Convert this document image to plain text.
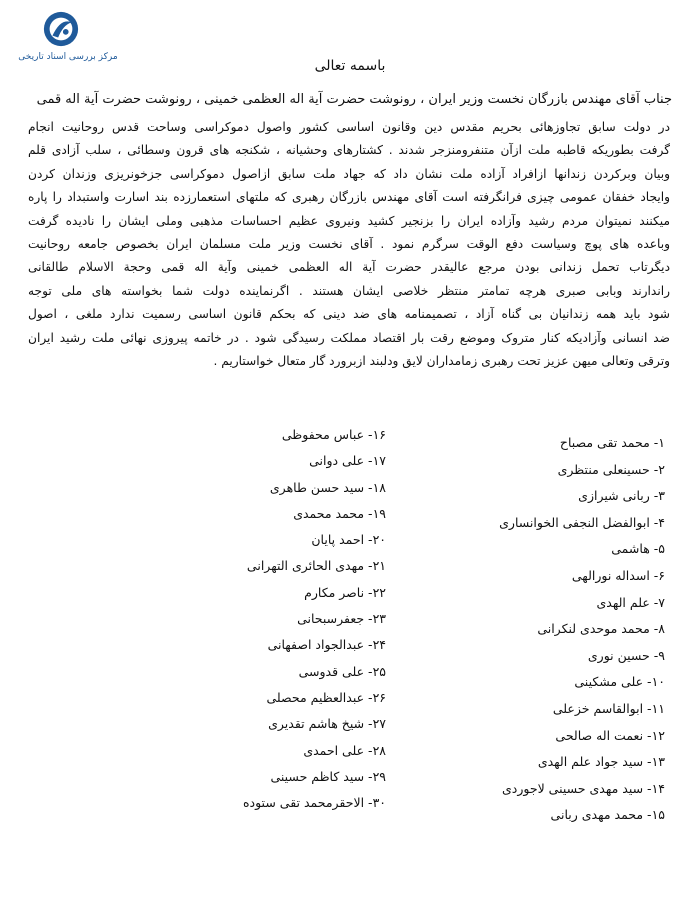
مرکز بررسی اسناد تاریخی
باسمه تعالی
جناب آقای مهندس بازرگان نخست وزیر ایران ، رونوشت حضرت آیة اله العظمی خمینی ، رونوشت حضرت آیة اله قمی
در دولت سابق تجاوزهائی بحریم مقدس دین وقانون اساسی کشور واصول دموکراسی وساحت قدس روحانیت انجام
گرفت بطوریکه قاطبه ملت ازآن متنفرومنزجر شدند . کشتارهای وحشیانه ، شکنجه های قرون وسطائی ، سلب آزادی قلم
وبیان وبرکردن زندانها ازافراد آزاده ملت نشان داد که جهاد ملت سابق ازاصول دموکراسی جزخونریزی وزندان کردن
وایجاد خفقان عمومی چیزی فرانگرفته است آقای مهندس بازرگان رهبری که ملتهای استعمارزده بند اسارت واستبداد را پاره
میکنند نمیتوان مردم رشید وآزاده ایران را بزنجیر کشید ونیروی عظیم احساسات مذهبی وملی ایشان را نادیده گرفت
وباعده های پوچ وسیاست دفع الوقت سرگرم نمود . آقای نخست وزیر ملت مسلمان ایران بخصوص جامعه روحانیت
دیگرتاب تحمل زندانی بودن مرجع عالیقدر حضرت آیة اله العظمی خمینی وآیة اله قمی وحجة الاسلام طالقانی
راندارند وبابی صبری هرچه تمامتر منتظر خلاصی ایشان هستند . اگرنماینده دولت شما بخواسته های ملی توجه
شود باید همه زندانیان بی گناه آزاد ، تصمیمنامه های ضد دینی که بحکم قانون اساسی رسمیت ندارد ملغی ، اصول
ضد انسانی وآزادیکه کنار متروک وموضع رقت بار اقتصاد مملکت رسیدگی شود . در خاتمه پیروزی نهائی ملت رشید ایران
وترقی وتعالی میهن عزیز تحت رهبری زمامداران لایق ودلبند ازبرورد گار متعال خواستاریم .
۱- محمد تقی مصباح
۲- حسینعلی منتظری
۳- ربانی شیرازی
۴- ابوالفضل النجفی الخوانساری
۵- هاشمی
۶- اسداله نورالهی
۷- علم الهدی
۸- محمد موحدی لنکرانی
۹- حسین نوری
۱۰- علی مشکینی
۱۱- ابوالقاسم خزعلی
۱۲- نعمت اله صالحی
۱۳- سید جواد علم الهدی
۱۴- سید مهدی حسینی لاجوردی
۱۵- محمد مهدی ربانی
۱۶- عباس محفوظی
۱۷- علی دوانی
۱۸- سید حسن طاهری
۱۹- محمد محمدی
۲۰- احمد پایان
۲۱- مهدی الحائری التهرانی
۲۲- ناصر مکارم
۲۳- جعفرسبحانی
۲۴- عبدالجواد اصفهانی
۲۵- علی قدوسی
۲۶- عبدالعظیم محصلی
۲۷- شیخ هاشم تقدیری
۲۸- علی احمدی
۲۹- سید کاظم حسینی
۳۰- الاحقرمحمد تقی ستوده
